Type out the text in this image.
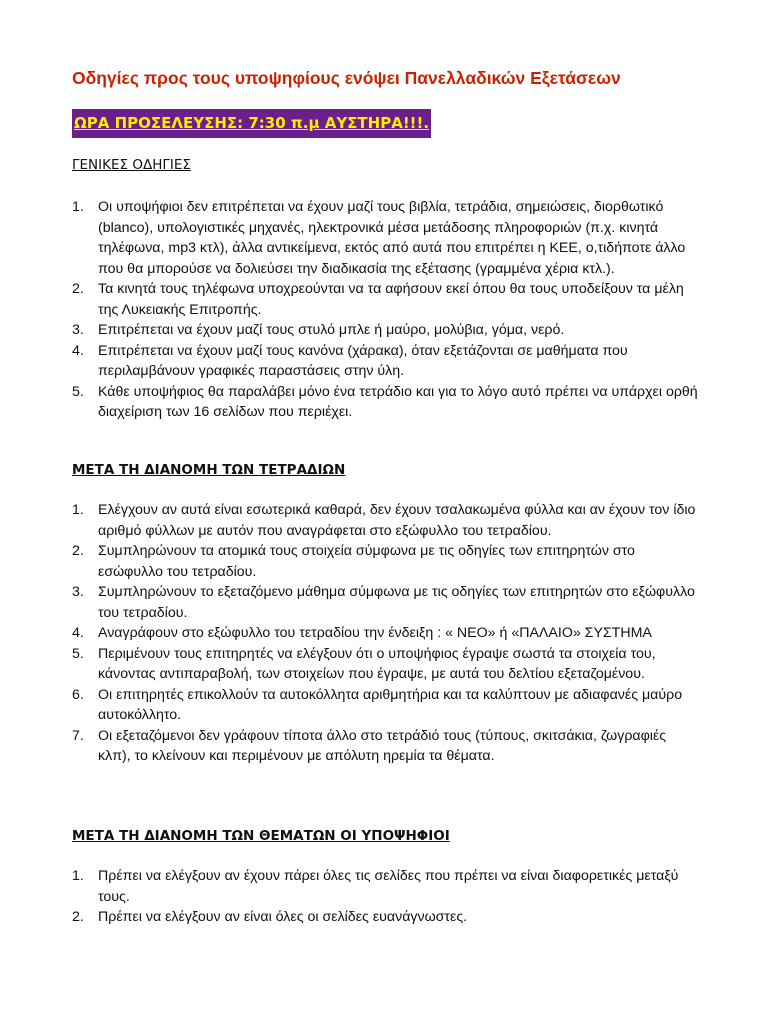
Οδηγίες προς τους υποψηφίους ενόψει Πανελλαδικών Εξετάσεων
ΩΡΑ ΠΡΟΣΕΛΕΥΣΗΣ: 7:30 π.μ ΑΥΣΤΗΡΑ!!!.
ΓΕΝΙΚΕΣ ΟΔΗΓΙΕΣ
1. Οι υποψήφιοι δεν επιτρέπεται να έχουν μαζί τους βιβλία, τετράδια, σημειώσεις, διορθωτικό (blanco), υπολογιστικές μηχανές, ηλεκτρονικά μέσα μετάδοσης πληροφοριών (π.χ. κινητά τηλέφωνα, mp3 κτλ), άλλα αντικείμενα, εκτός από αυτά που επιτρέπει η ΚΕΕ, ο,τιδήποτε άλλο που θα μπορούσε να δολιεύσει την διαδικασία της εξέτασης (γραμμένα χέρια κτλ.).
2. Τα κινητά τους τηλέφωνα υποχρεούνται να τα αφήσουν εκεί όπου θα τους υποδείξουν τα μέλη της Λυκειακής Επιτροπής.
3. Επιτρέπεται να έχουν μαζί τους στυλό μπλε ή μαύρο, μολύβια, γόμα, νερό.
4. Επιτρέπεται να έχουν μαζί τους κανόνα (χάρακα), όταν εξετάζονται σε μαθήματα που περιλαμβάνουν γραφικές παραστάσεις στην ύλη.
5. Κάθε υποψήφιος θα παραλάβει μόνο ένα τετράδιο και για το λόγο αυτό πρέπει να υπάρχει ορθή διαχείριση των 16 σελίδων που περιέχει.
ΜΕΤΑ ΤΗ ΔΙΑΝΟΜΗ ΤΩΝ ΤΕΤΡΑΔΙΩΝ
1. Ελέγχουν αν αυτά είναι εσωτερικά καθαρά, δεν έχουν τσαλακωμένα φύλλα και αν έχουν τον ίδιο αριθμό φύλλων με αυτόν που αναγράφεται στο εξώφυλλο του τετραδίου.
2. Συμπληρώνουν τα ατομικά τους στοιχεία σύμφωνα με τις οδηγίες των επιτηρητών στο εσώφυλλο του τετραδίου.
3. Συμπληρώνουν το εξεταζόμενο μάθημα σύμφωνα με τις οδηγίες των επιτηρητών στο εξώφυλλο του τετραδίου.
4. Αναγράφουν στο εξώφυλλο του τετραδίου την ένδειξη : « ΝΕΟ» ή «ΠΑΛΑΙΟ» ΣΥΣΤΗΜΑ
5. Περιμένουν τους επιτηρητές να ελέγξουν ότι ο υποψήφιος έγραψε σωστά τα στοιχεία του, κάνοντας αντιπαραβολή, των στοιχείων που έγραψε, με αυτά του δελτίου εξεταζομένου.
6. Οι επιτηρητές επικολλούν τα αυτοκόλλητα αριθμητήρια και τα καλύπτουν με αδιαφανές μαύρο αυτοκόλλητο.
7. Οι εξεταζόμενοι δεν γράφουν τίποτα άλλο στο τετράδιό τους (τύπους, σκιτσάκια, ζωγραφιές κλπ), το κλείνουν και περιμένουν με απόλυτη ηρεμία τα θέματα.
ΜΕΤΑ ΤΗ ΔΙΑΝΟΜΗ ΤΩΝ ΘΕΜΑΤΩΝ ΟΙ ΥΠΟΨΗΦΙΟΙ
1. Πρέπει να ελέγξουν αν έχουν πάρει όλες τις σελίδες που πρέπει να είναι διαφορετικές μεταξύ τους.
2. Πρέπει να ελέγξουν αν είναι όλες οι σελίδες ευανάγνωστες.
